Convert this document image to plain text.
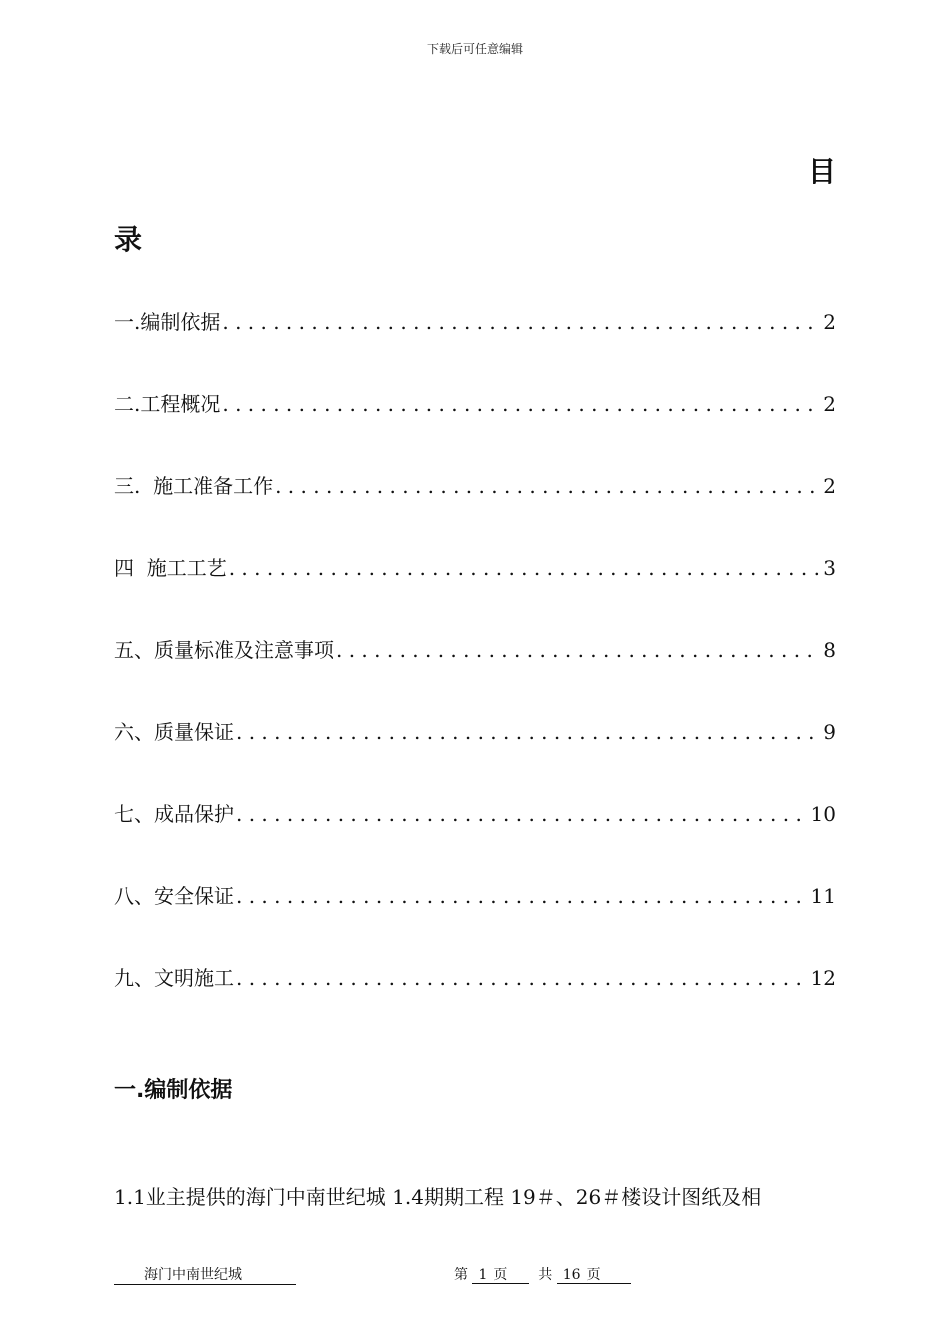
下载后可任意编辑
目
录
一.编制依据 . . .	2
二.工程概况 . . .	2
三.  施工准备工作 . . .	2
四  施工工艺 . . .	3
五、质量标准及注意事项 . . .	8
六、质量保证 . . .	9
七、成品保护 . . .	10
八、安全保证 . . .	11
九、文明施工 . . .	12
一.编制依据
1.1业主提供的海门中南世纪城 1.4期期工程 19＃、26＃楼设计图纸及相
海门中南世纪城	第 1 页 共 16 页
